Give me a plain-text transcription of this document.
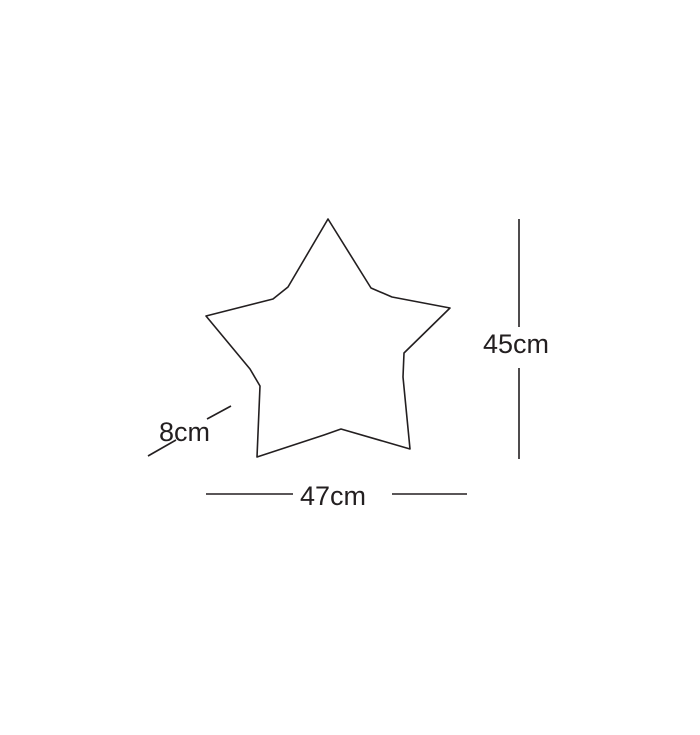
45cm
47cm
8cm
